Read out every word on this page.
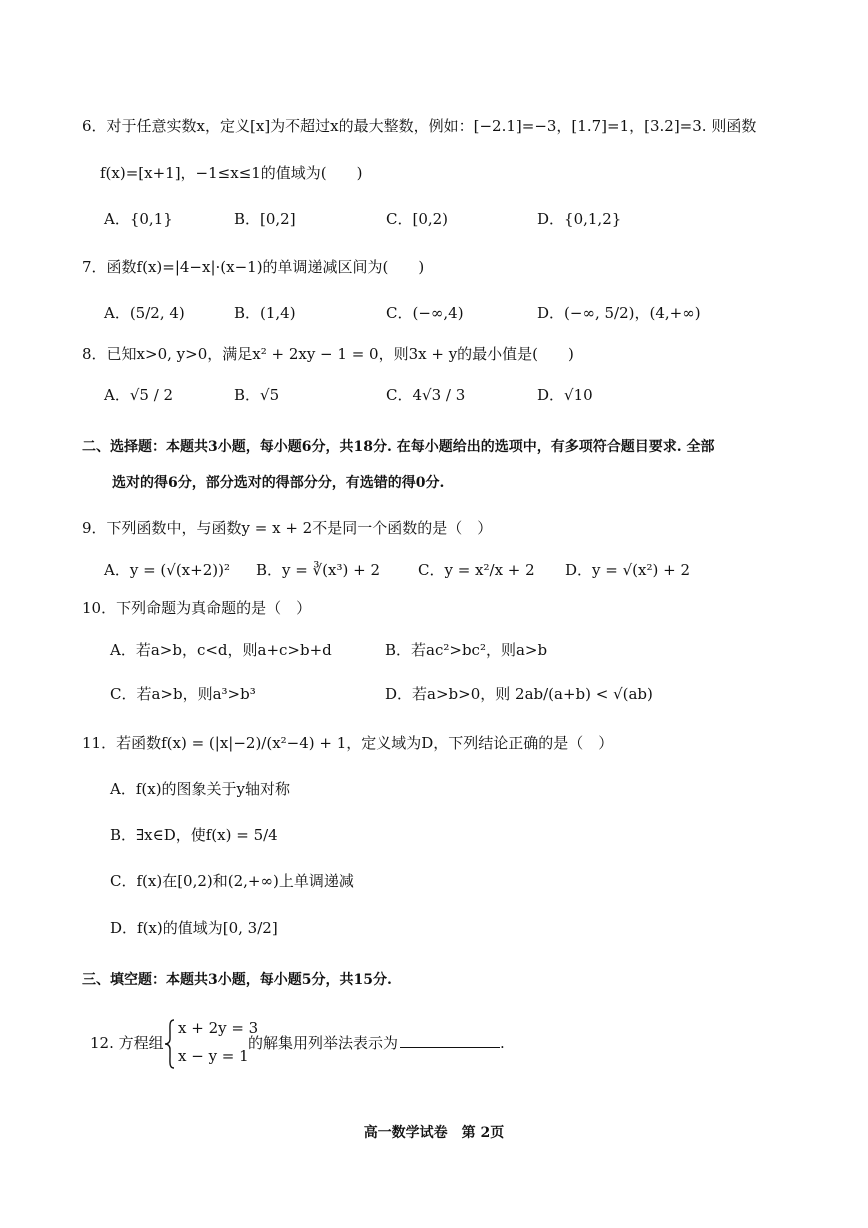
6．对于任意实数x，定义[x]为不超过x的最大整数，例如：[−2.1]=−3，[1.7]=1，[3.2]=3. 则函数
f(x)=[x+1]，−1≤x≤1的值域为(　　)
A．{0,1}	B．[0,2]	C．[0,2)	D．{0,1,2}
7．函数f(x)=|4−x|·(x−1)的单调递减区间为(　　)
A．(5/2, 4)	B．(1,4)	C．(−∞,4)	D．(−∞, 5/2)，(4,+∞)
8．已知x>0, y>0，满足x² + 2xy − 1 = 0，则3x + y的最小值是(　　)
A．√5 / 2	B．√5	C．4√3 / 3	D．√10
二、选择题：本题共3小题，每小题6分，共18分. 在每小题给出的选项中，有多项符合题目要求. 全部
选对的得6分，部分选对的得部分分，有选错的得0分.
9．下列函数中，与函数y = x + 2不是同一个函数的是（　）
A．y = (√(x+2))² B．y = ∛(x³) + 2	C．y = x²/x + 2 D．y = √(x²) + 2
10．下列命题为真命题的是（　）
A．若a>b，c<d，则a+c>b+d	B．若ac²>bc²，则a>b
C．若a>b，则a³>b³	D．若a>b>0，则 2ab/(a+b) < √(ab)
11．若函数f(x) = (|x|−2)/(x²−4) + 1，定义域为D，下列结论正确的是（　）
A．f(x)的图象关于y轴对称
B．∃x∈D，使f(x) = 5/4
C．f(x)在[0,2)和(2,+∞)上单调递减
D．f(x)的值域为[0, 3/2]
三、填空题：本题共3小题，每小题5分，共15分.
12. 方程组
x + 2y = 3
x − y = 1
的解集用列举法表示为	.
高一数学试卷　第 2页
